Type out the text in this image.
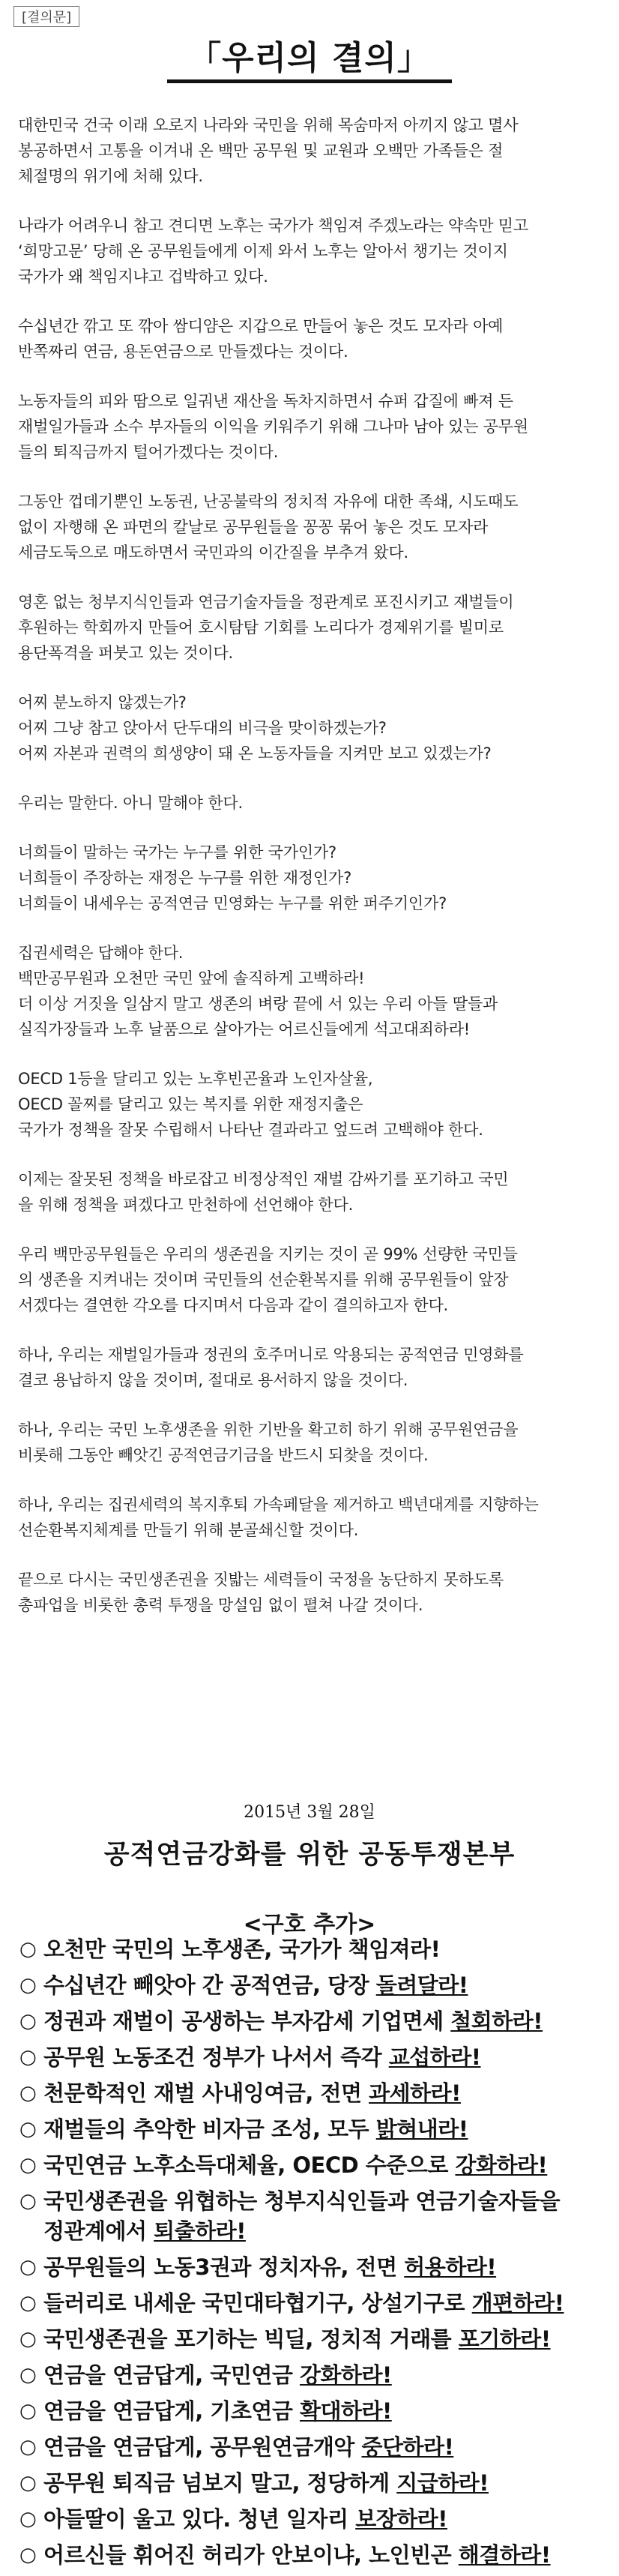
[결의문]
「우리의 결의」
대한민국 건국 이래 오로지 나라와 국민을 위해 목숨마저 아끼지 않고 멸사
봉공하면서 고통을 이겨내 온 백만 공무원 및 교원과 오백만 가족들은 절
체절명의 위기에 처해 있다.
나라가 어려우니 참고 견디면 노후는 국가가 책임져 주겠노라는 약속만 믿고
‘희망고문’ 당해 온 공무원들에게 이제 와서 노후는 알아서 챙기는 것이지
국가가 왜 책임지냐고 겁박하고 있다.
수십년간 깎고 또 깎아 쌈디얌은 지갑으로 만들어 놓은 것도 모자라 아예
반쪽짜리 연금, 용돈연금으로 만들겠다는 것이다.
노동자들의 피와 땀으로 일궈낸 재산을 독차지하면서 슈퍼 갑질에 빠져 든
재벌일가들과 소수 부자들의 이익을 키워주기 위해 그나마 남아 있는 공무원
들의 퇴직금까지 털어가겠다는 것이다.
그동안 껍데기뿐인 노동권, 난공불락의 정치적 자유에 대한 족쇄, 시도때도
없이 자행해 온 파면의 칼날로 공무원들을 꽁꽁 묶어 놓은 것도 모자라
세금도둑으로 매도하면서 국민과의 이간질을 부추겨 왔다.
영혼 없는 청부지식인들과 연금기술자들을 정관계로 포진시키고 재벌들이
후원하는 학회까지 만들어 호시탐탐 기회를 노리다가 경제위기를 빌미로
용단폭격을 퍼붓고 있는 것이다.
어찌 분노하지 않겠는가?
어찌 그냥 참고 앉아서 단두대의 비극을 맞이하겠는가?
어찌 자본과 권력의 희생양이 돼 온 노동자들을 지켜만 보고 있겠는가?
우리는 말한다. 아니 말해야 한다.
너희들이 말하는 국가는 누구를 위한 국가인가?
너희들이 주장하는 재정은 누구를 위한 재정인가?
너희들이 내세우는 공적연금 민영화는 누구를 위한 퍼주기인가?
집권세력은 답해야 한다.
백만공무원과 오천만 국민 앞에 솔직하게 고백하라!
더 이상 거짓을 일삼지 말고 생존의 벼랑 끝에 서 있는 우리 아들 딸들과
실직가장들과 노후 날품으로 살아가는 어르신들에게 석고대죄하라!
OECD 1등을 달리고 있는 노후빈곤율과 노인자살율,
OECD 꼴찌를 달리고 있는 복지를 위한 재정지출은
국가가 정책을 잘못 수립해서 나타난 결과라고 엎드려 고백해야 한다.
이제는 잘못된 정책을 바로잡고 비정상적인 재벌 감싸기를 포기하고 국민
을 위해 정책을 펴겠다고 만천하에 선언해야 한다.
우리 백만공무원들은 우리의 생존권을 지키는 것이 곧 99% 선량한 국민들
의 생존을 지켜내는 것이며 국민들의 선순환복지를 위해 공무원들이 앞장
서겠다는 결연한 각오를 다지며서 다음과 같이 결의하고자 한다.
하나, 우리는 재벌일가들과 정권의 호주머니로 악용되는 공적연금 민영화를
결코 용납하지 않을 것이며, 절대로 용서하지 않을 것이다.
하나, 우리는 국민 노후생존을 위한 기반을 확고히 하기 위해 공무원연금을
비롯해 그동안 빼앗긴 공적연금기금을 반드시 되찾을 것이다.
하나, 우리는 집권세력의 복지후퇴 가속페달을 제거하고 백년대계를 지향하는
선순환복지체계를 만들기 위해 분골쇄신할 것이다.
끝으로 다시는 국민생존권을 짓밟는 세력들이 국정을 농단하지 못하도록
총파업을 비롯한 총력 투쟁을 망설임 없이 펼쳐 나갈 것이다.
2015년 3월 28일
공적연금강화를 위한 공동투쟁본부
<구호 추가>
○ 오천만 국민의 노후생존, 국가가 책임져라!
○ 수십년간 빼앗아 간 공적연금, 당장 돌려달라!
○ 정권과 재벌이 공생하는 부자감세 기업면세 철회하라!
○ 공무원 노동조건 정부가 나서서 즉각 교섭하라!
○ 천문학적인 재벌 사내잉여금, 전면 과세하라!
○ 재벌들의 추악한 비자금 조성, 모두 밝혀내라!
○ 국민연금 노후소득대체율, OECD 수준으로 강화하라!
○ 국민생존권을 위협하는 청부지식인들과 연금기술자들을
정관계에서 퇴출하라!
○ 공무원들의 노동3권과 정치자유, 전면 허용하라!
○ 들러리로 내세운 국민대타협기구, 상설기구로 개편하라!
○ 국민생존권을 포기하는 빅딜, 정치적 거래를 포기하라!
○ 연금을 연금답게, 국민연금 강화하라!
○ 연금을 연금답게, 기초연금 확대하라!
○ 연금을 연금답게, 공무원연금개악 중단하라!
○ 공무원 퇴직금 넘보지 말고, 정당하게 지급하라!
○ 아들딸이 울고 있다. 청년 일자리 보장하라!
○ 어르신들 휘어진 허리가 안보이냐, 노인빈곤 해결하라!
